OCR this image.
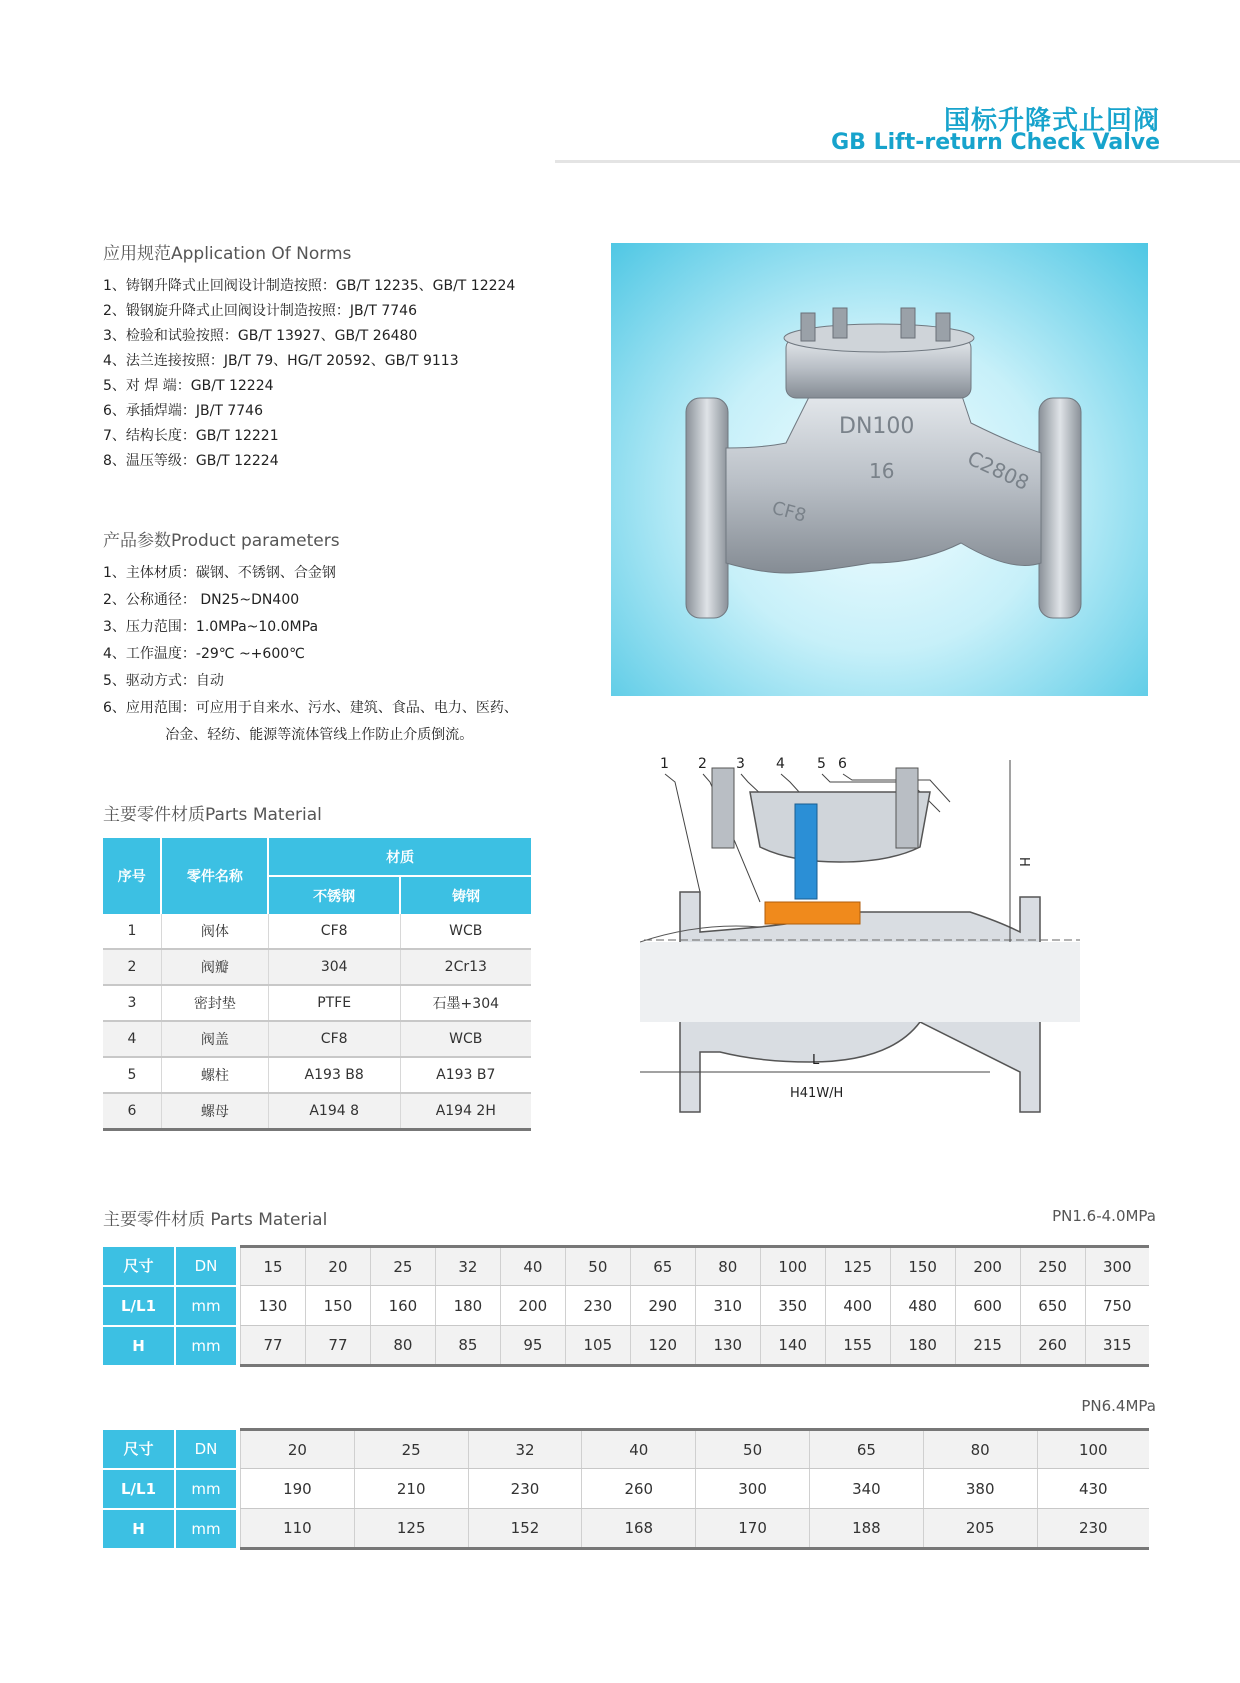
国标升降式止回阀
GB Lift-return Check Valve
应用规范Application Of Norms
1、铸钢升降式止回阀设计制造按照：GB/T 12235、GB/T 12224
2、锻钢旋升降式止回阀设计制造按照：JB/T 7746
3、检验和试验按照：GB/T 13927、GB/T 26480
4、法兰连接按照：JB/T 79、HG/T 20592、GB/T 9113
5、对 焊 端：GB/T 12224
6、承插焊端：JB/T 7746
7、结构长度：GB/T 12221
8、温压等级：GB/T 12224
产品参数Product parameters
1、主体材质：碳钢、不锈钢、合金钢
2、公称通径： DN25~DN400
3、压力范围：1.0MPa~10.0MPa
4、工作温度：-29℃ ~+600℃
5、驱动方式：自动
6、应用范围：可应用于自来水、污水、建筑、食品、电力、医药、
冶金、轻纺、能源等流体管线上作防止介质倒流。
DN100
16	C2808
CF8
主要零件材质Parts Material
序号	零件名称	材质	
		不锈钢	铸钢
1	阀体	CF8	WCB
2	阀瓣	304	2Cr13
3	密封垫	PTFE	石墨+304
4	阀盖	CF8	WCB
5	螺柱	A193 B8	A193 B7
6	螺母	A194 8	A194 2H
1 2 3 4 5 6
H
L
H41W/H
主要零件材质 Parts Material	PN1.6-4.0MPa
尺寸	DN		15	20	25	32	40	50	65	80	100	125	150	200	250	300
L/L1	mm		130	150	160	180	200	230	290	310	350	400	480	600	650	750
H	mm		77	77	80	85	95	105	120	130	140	155	180	215	260	315
PN6.4MPa
尺寸	DN		20	25	32	40	50	65	80	100
L/L1	mm		190	210	230	260	300	340	380	430
H	mm		110	125	152	168	170	188	205	230
